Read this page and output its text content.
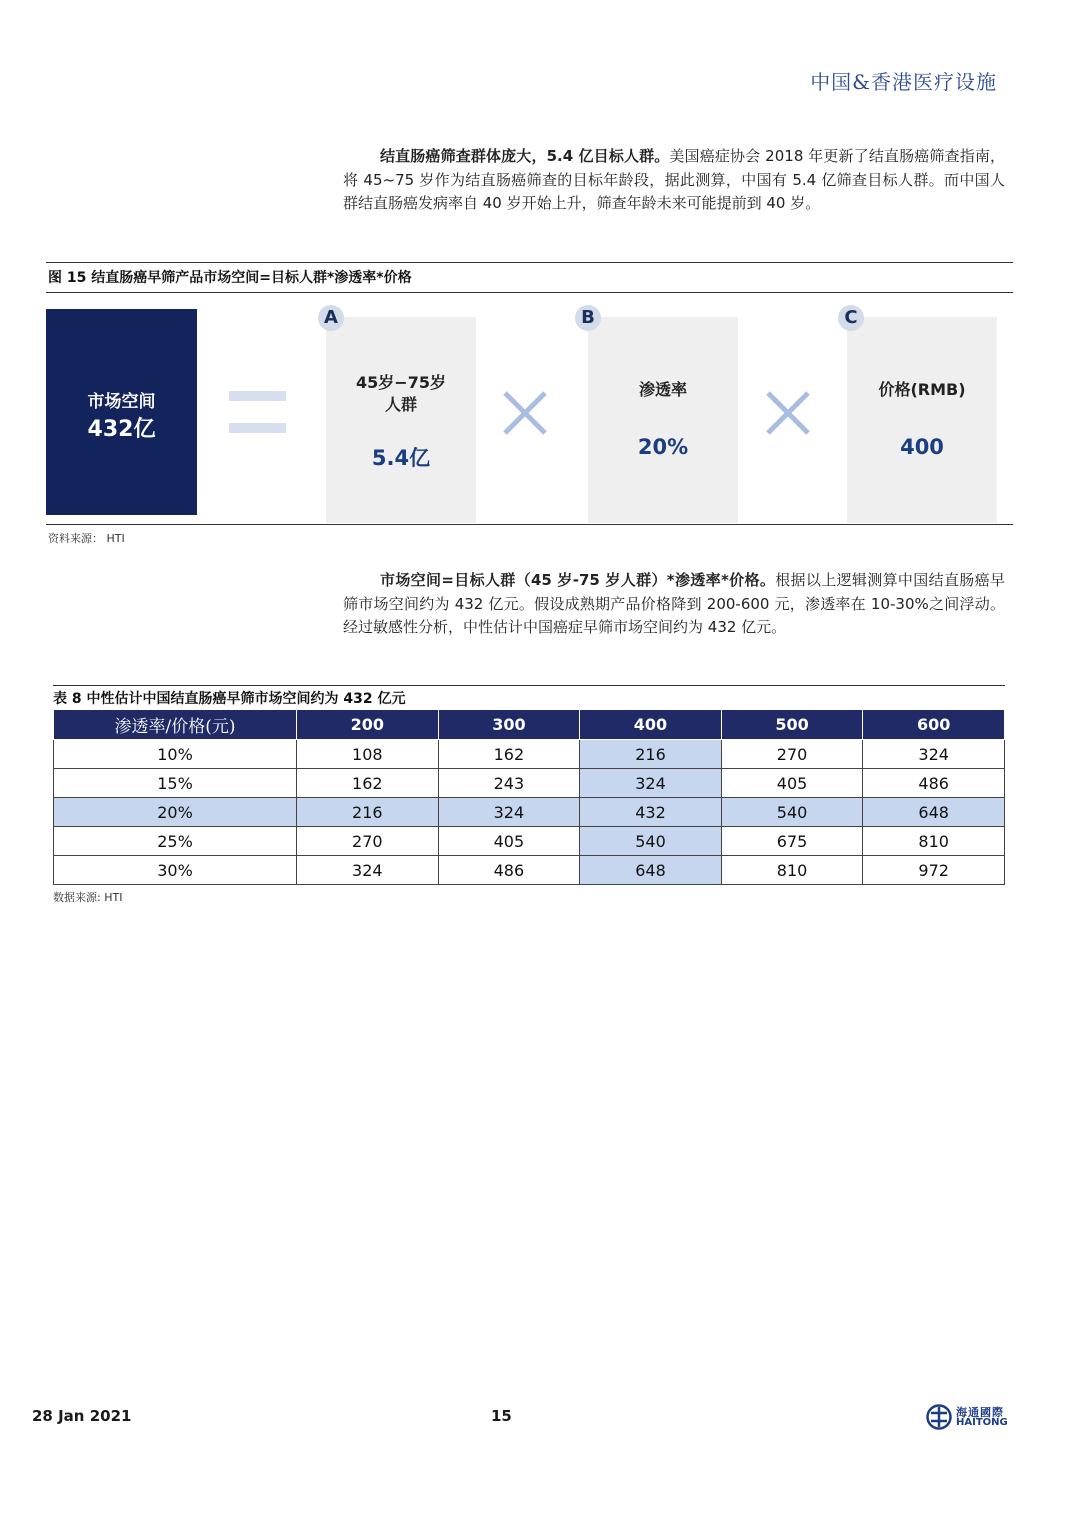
中国&香港医疗设施

结直肠癌筛查群体庞大，5.4 亿目标人群。美国癌症协会 2018 年更新了结直肠癌筛查指南，将 45~75 岁作为结直肠癌筛查的目标年龄段，据此测算，中国有 5.4 亿筛查目标人群。而中国人群结直肠癌发病率自 40 岁开始上升，筛查年龄未来可能提前到 40 岁。

图 15 结直肠癌早筛产品市场空间=目标人群*渗透率*价格
市场空间
432亿
45岁−75岁
人群
5.4亿
A
渗透率
20%
B
价格(RMB)
400
C
资料来源： HTI

市场空间=目标人群（45 岁-75 岁人群）*渗透率*价格。根据以上逻辑测算中国结直肠癌早筛市场空间约为 432 亿元。假设成熟期产品价格降到 200-600 元，渗透率在 10-30%之间浮动。经过敏感性分析，中性估计中国癌症早筛市场空间约为 432 亿元。

表 8 中性估计中国结直肠癌早筛市场空间约为 432 亿元
渗透率/价格(元)	200	300	400	500	600
10%	108	162	216	270	324
15%	162	243	324	405	486
20%	216	324	432	540	648
25%	270	405	540	675	810
30%	324	486	648	810	972
数据来源: HTI
28 Jan 2021	15	海通國際
HAITONG
